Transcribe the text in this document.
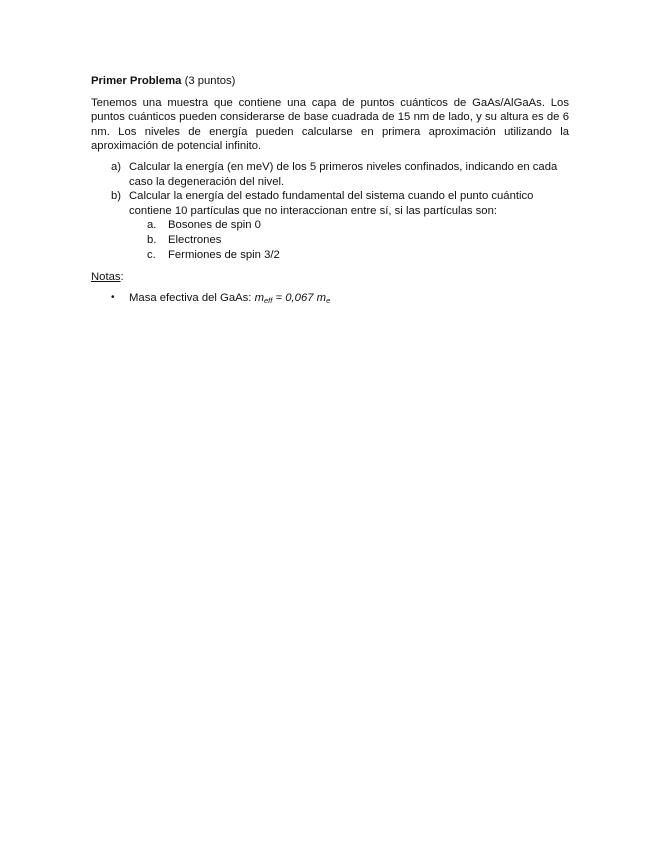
Primer Problema (3 puntos)

Tenemos una muestra que contiene una capa de puntos cuánticos de GaAs/AlGaAs. Los puntos cuánticos pueden considerarse de base cuadrada de 15 nm de lado, y su altura es de 6 nm. Los niveles de energía pueden calcularse en primera aproximación utilizando la aproximación de potencial infinito.

a) Calcular la energía (en meV) de los 5 primeros niveles confinados, indicando en cada caso la degeneración del nivel.
b) Calcular la energía del estado fundamental del sistema cuando el punto cuántico contiene 10 partículas que no interaccionan entre sí, si las partículas son:
a.	Bosones de spin 0
b.	Electrones
c.	Fermiones de spin 3/2

Notas:

•	Masa efectiva del GaAs: $m_{eff} = 0,067$ $m_e$
